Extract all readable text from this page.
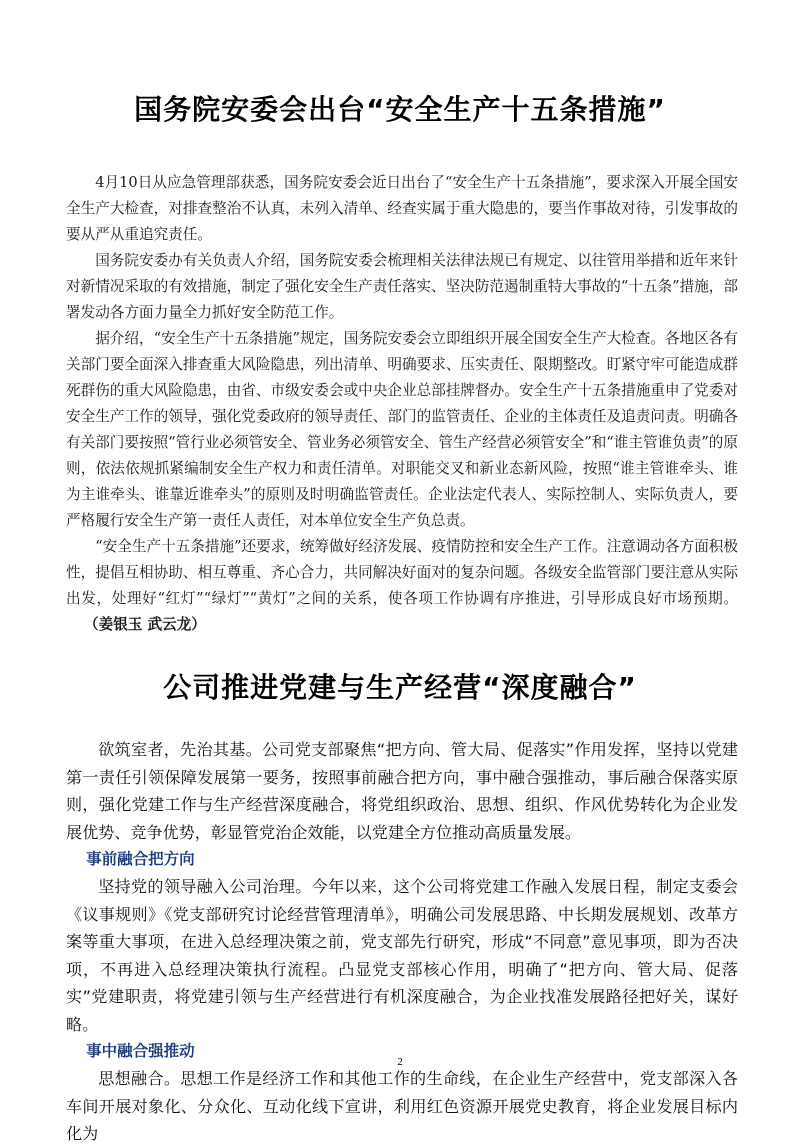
国务院安委会出台“安全生产十五条措施”

4月10日从应急管理部获悉，国务院安委会近日出台了“安全生产十五条措施”，要求深入开展全国安全生产大检查，对排查整治不认真，未列入清单、经查实属于重大隐患的，要当作事故对待，引发事故的要从严从重追究责任。

国务院安委办有关负责人介绍，国务院安委会梳理相关法律法规已有规定、以往管用举措和近年来针对新情况采取的有效措施，制定了强化安全生产责任落实、坚决防范遏制重特大事故的“十五条”措施，部署发动各方面力量全力抓好安全防范工作。

据介绍，“安全生产十五条措施”规定，国务院安委会立即组织开展全国安全生产大检查。各地区各有关部门要全面深入排查重大风险隐患，列出清单、明确要求、压实责任、限期整改。盯紧守牢可能造成群死群伤的重大风险隐患，由省、市级安委会或中央企业总部挂牌督办。安全生产十五条措施重申了党委对安全生产工作的领导，强化党委政府的领导责任、部门的监管责任、企业的主体责任及追责问责。明确各有关部门要按照“管行业必须管安全、管业务必须管安全、管生产经营必须管安全”和“谁主管谁负责”的原则，依法依规抓紧编制安全生产权力和责任清单。对职能交叉和新业态新风险，按照“谁主管谁牵头、谁为主谁牵头、谁靠近谁牵头”的原则及时明确监管责任。企业法定代表人、实际控制人、实际负责人，要严格履行安全生产第一责任人责任，对本单位安全生产负总责。

“安全生产十五条措施”还要求，统筹做好经济发展、疫情防控和安全生产工作。注意调动各方面积极性，提倡互相协助、相互尊重、齐心合力，共同解决好面对的复杂问题。各级安全监管部门要注意从实际出发，处理好“红灯”“绿灯”“黄灯”之间的关系，使各项工作协调有序推进，引导形成良好市场预期。（姜银玉 武云龙）

公司推进党建与生产经营“深度融合”

欲筑室者，先治其基。公司党支部聚焦“把方向、管大局、促落实”作用发挥，坚持以党建第一责任引领保障发展第一要务，按照事前融合把方向，事中融合强推动，事后融合保落实原则，强化党建工作与生产经营深度融合，将党组织政治、思想、组织、作风优势转化为企业发展优势、竞争优势，彰显管党治企效能，以党建全方位推动高质量发展。

事前融合把方向

坚持党的领导融入公司治理。今年以来，这个公司将党建工作融入发展日程，制定支委会《议事规则》《党支部研究讨论经营管理清单》，明确公司发展思路、中长期发展规划、改革方案等重大事项，在进入总经理决策之前，党支部先行研究，形成“不同意”意见事项，即为否决项，不再进入总经理决策执行流程。凸显党支部核心作用，明确了“把方向、管大局、促落实”党建职责，将党建引领与生产经营进行有机深度融合，为企业找准发展路径把好关，谋好略。

事中融合强推动

思想融合。思想工作是经济工作和其他工作的生命线，在企业生产经营中，党支部深入各车间开展对象化、分众化、互动化线下宣讲，利用红色资源开展党史教育，将企业发展目标内化为

2
